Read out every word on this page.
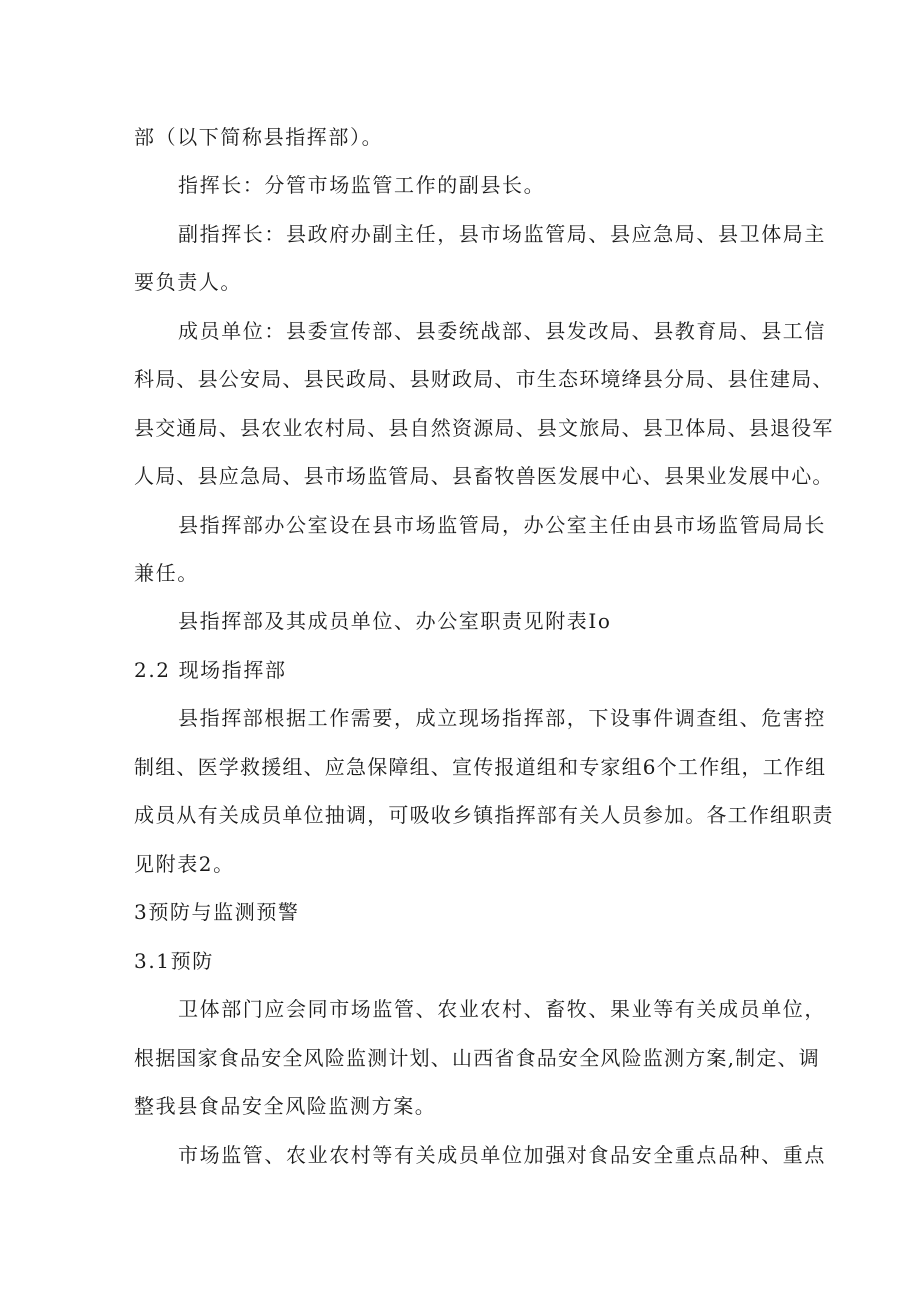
部（以下简称县指挥部）。
指挥长：分管市场监管工作的副县长。
副指挥长：县政府办副主任，县市场监管局、县应急局、县卫体局主
要负责人。
成员单位：县委宣传部、县委统战部、县发改局、县教育局、县工信
科局、县公安局、县民政局、县财政局、市生态环境绛县分局、县住建局、
县交通局、县农业农村局、县自然资源局、县文旅局、县卫体局、县退役军
人局、县应急局、县市场监管局、县畜牧兽医发展中心、县果业发展中心。
县指挥部办公室设在县市场监管局，办公室主任由县市场监管局局长
兼任。
县指挥部及其成员单位、办公室职责见附表Io
2.2 现场指挥部
县指挥部根据工作需要，成立现场指挥部，下设事件调查组、危害控
制组、医学救援组、应急保障组、宣传报道组和专家组6个工作组，工作组
成员从有关成员单位抽调，可吸收乡镇指挥部有关人员参加。各工作组职责
见附表2。
3预防与监测预警
3.1预防
卫体部门应会同市场监管、农业农村、畜牧、果业等有关成员单位，
根据国家食品安全风险监测计划、山西省食品安全风险监测方案,制定、调
整我县食品安全风险监测方案。
市场监管、农业农村等有关成员单位加强对食品安全重点品种、重点
